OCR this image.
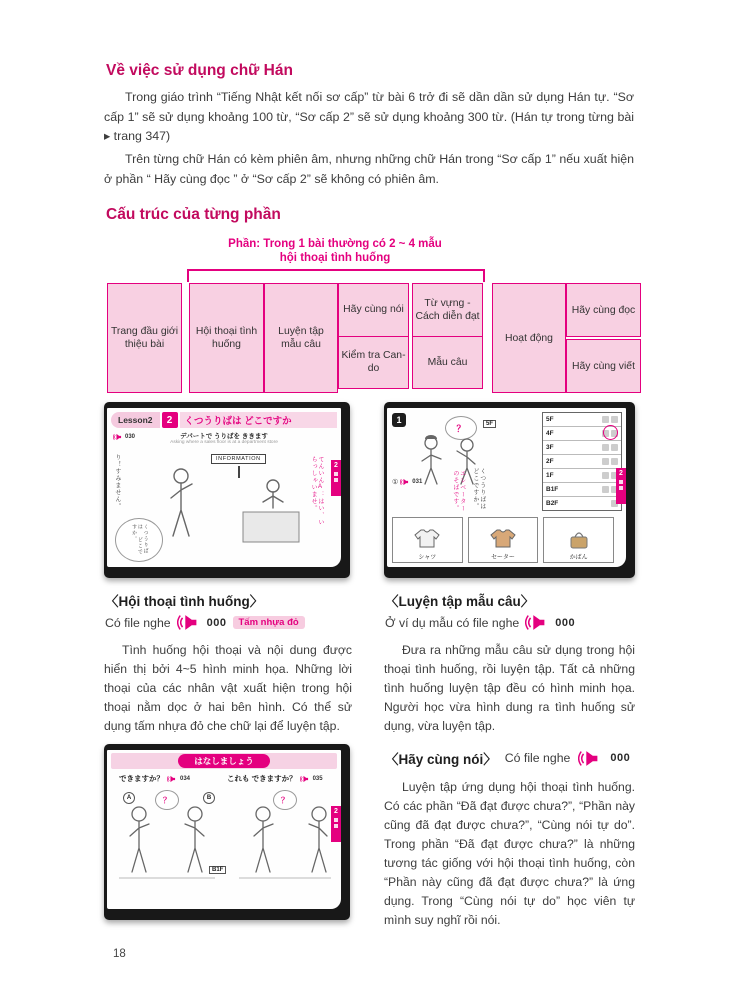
Về việc sử dụng chữ Hán
Trong giáo trình “Tiếng Nhật kết nối sơ cấp” từ bài 6 trở đi sẽ dần dần sử dụng Hán tự. “Sơ cấp 1” sẽ sử dụng khoảng 100 từ, “Sơ cấp 2” sẽ sử dụng khoảng 300 từ. (Hán tự trong từng bài ▸ trang 347)
Trên từng chữ Hán có kèm phiên âm, nhưng những chữ Hán trong “Sơ cấp 1” nếu xuất hiện ở phần “ Hãy cùng đọc ” ở “Sơ cấp 2” sẽ không có phiên âm.
Cấu trúc của từng phần
Phần: Trong 1 bài thường có 2 ~ 4 mẫu
hội thoại tình huống
Trang đầu giới thiệu bài
Hội thoại tình huống
Luyện tập mẫu câu
Hãy cùng nói
Kiểm tra Can-do
Từ vựng - Cách diễn đạt
Mẫu câu
Hoạt động
Hãy cùng đọc
Hãy cùng viết
Lesson2	2	くつうりばは どこですか
030	デパートで うりばを ききます
Asking where a sales floor is at a department store
INFORMATION
り！すみません。	てんいんA：はい、いらっしゃいませ。
くつうりばは どこですか。
2
1
？	5F
5F
4F
3F
2F
1F
B1F
B2F
① 031	くつうりばは どこですか。
エレベーターのそばです。
シャツ	セーター	かばん
2
〈Hội thoại tình huống〉
Có file nghe	000	Tấm nhựa đỏ
Tình huống hội thoại và nội dung được hiển thị bởi 4~5 hình minh họa. Những lời thoại của các nhân vật xuất hiện trong hội thoại nằm dọc ở hai bên hình. Có thể sử dụng tấm nhựa đỏ che chữ lại để luyện tập.
はなしましょう
できますか？	034	これも できますか？	035
？	？
A	B
B1F
2
〈Luyện tập mẫu câu〉
Ở ví dụ mẫu có file nghe	000
Đưa ra những mẫu câu sử dụng trong hội thoại tình huống, rồi luyện tập. Tất cả những tình huống luyện tập đều có hình minh họa. Người học vừa hình dung ra tình huống sử dụng, vừa luyện tập.
〈Hãy cùng nói〉 Có file nghe	000
Luyện tập ứng dụng hội thoại tình huống. Có các phần “Đã đạt được chưa?”, “Phần này cũng đã đạt được chưa?”, “Cùng nói tự do”. Trong phần “Đã đạt được chưa?” là những tương tác giống với hội thoại tình huống, còn “Phần này cũng đã đạt được chưa?” là ứng dụng. Trong “Cùng nói tự do” học viên tự mình suy nghĩ rồi nói.
18
